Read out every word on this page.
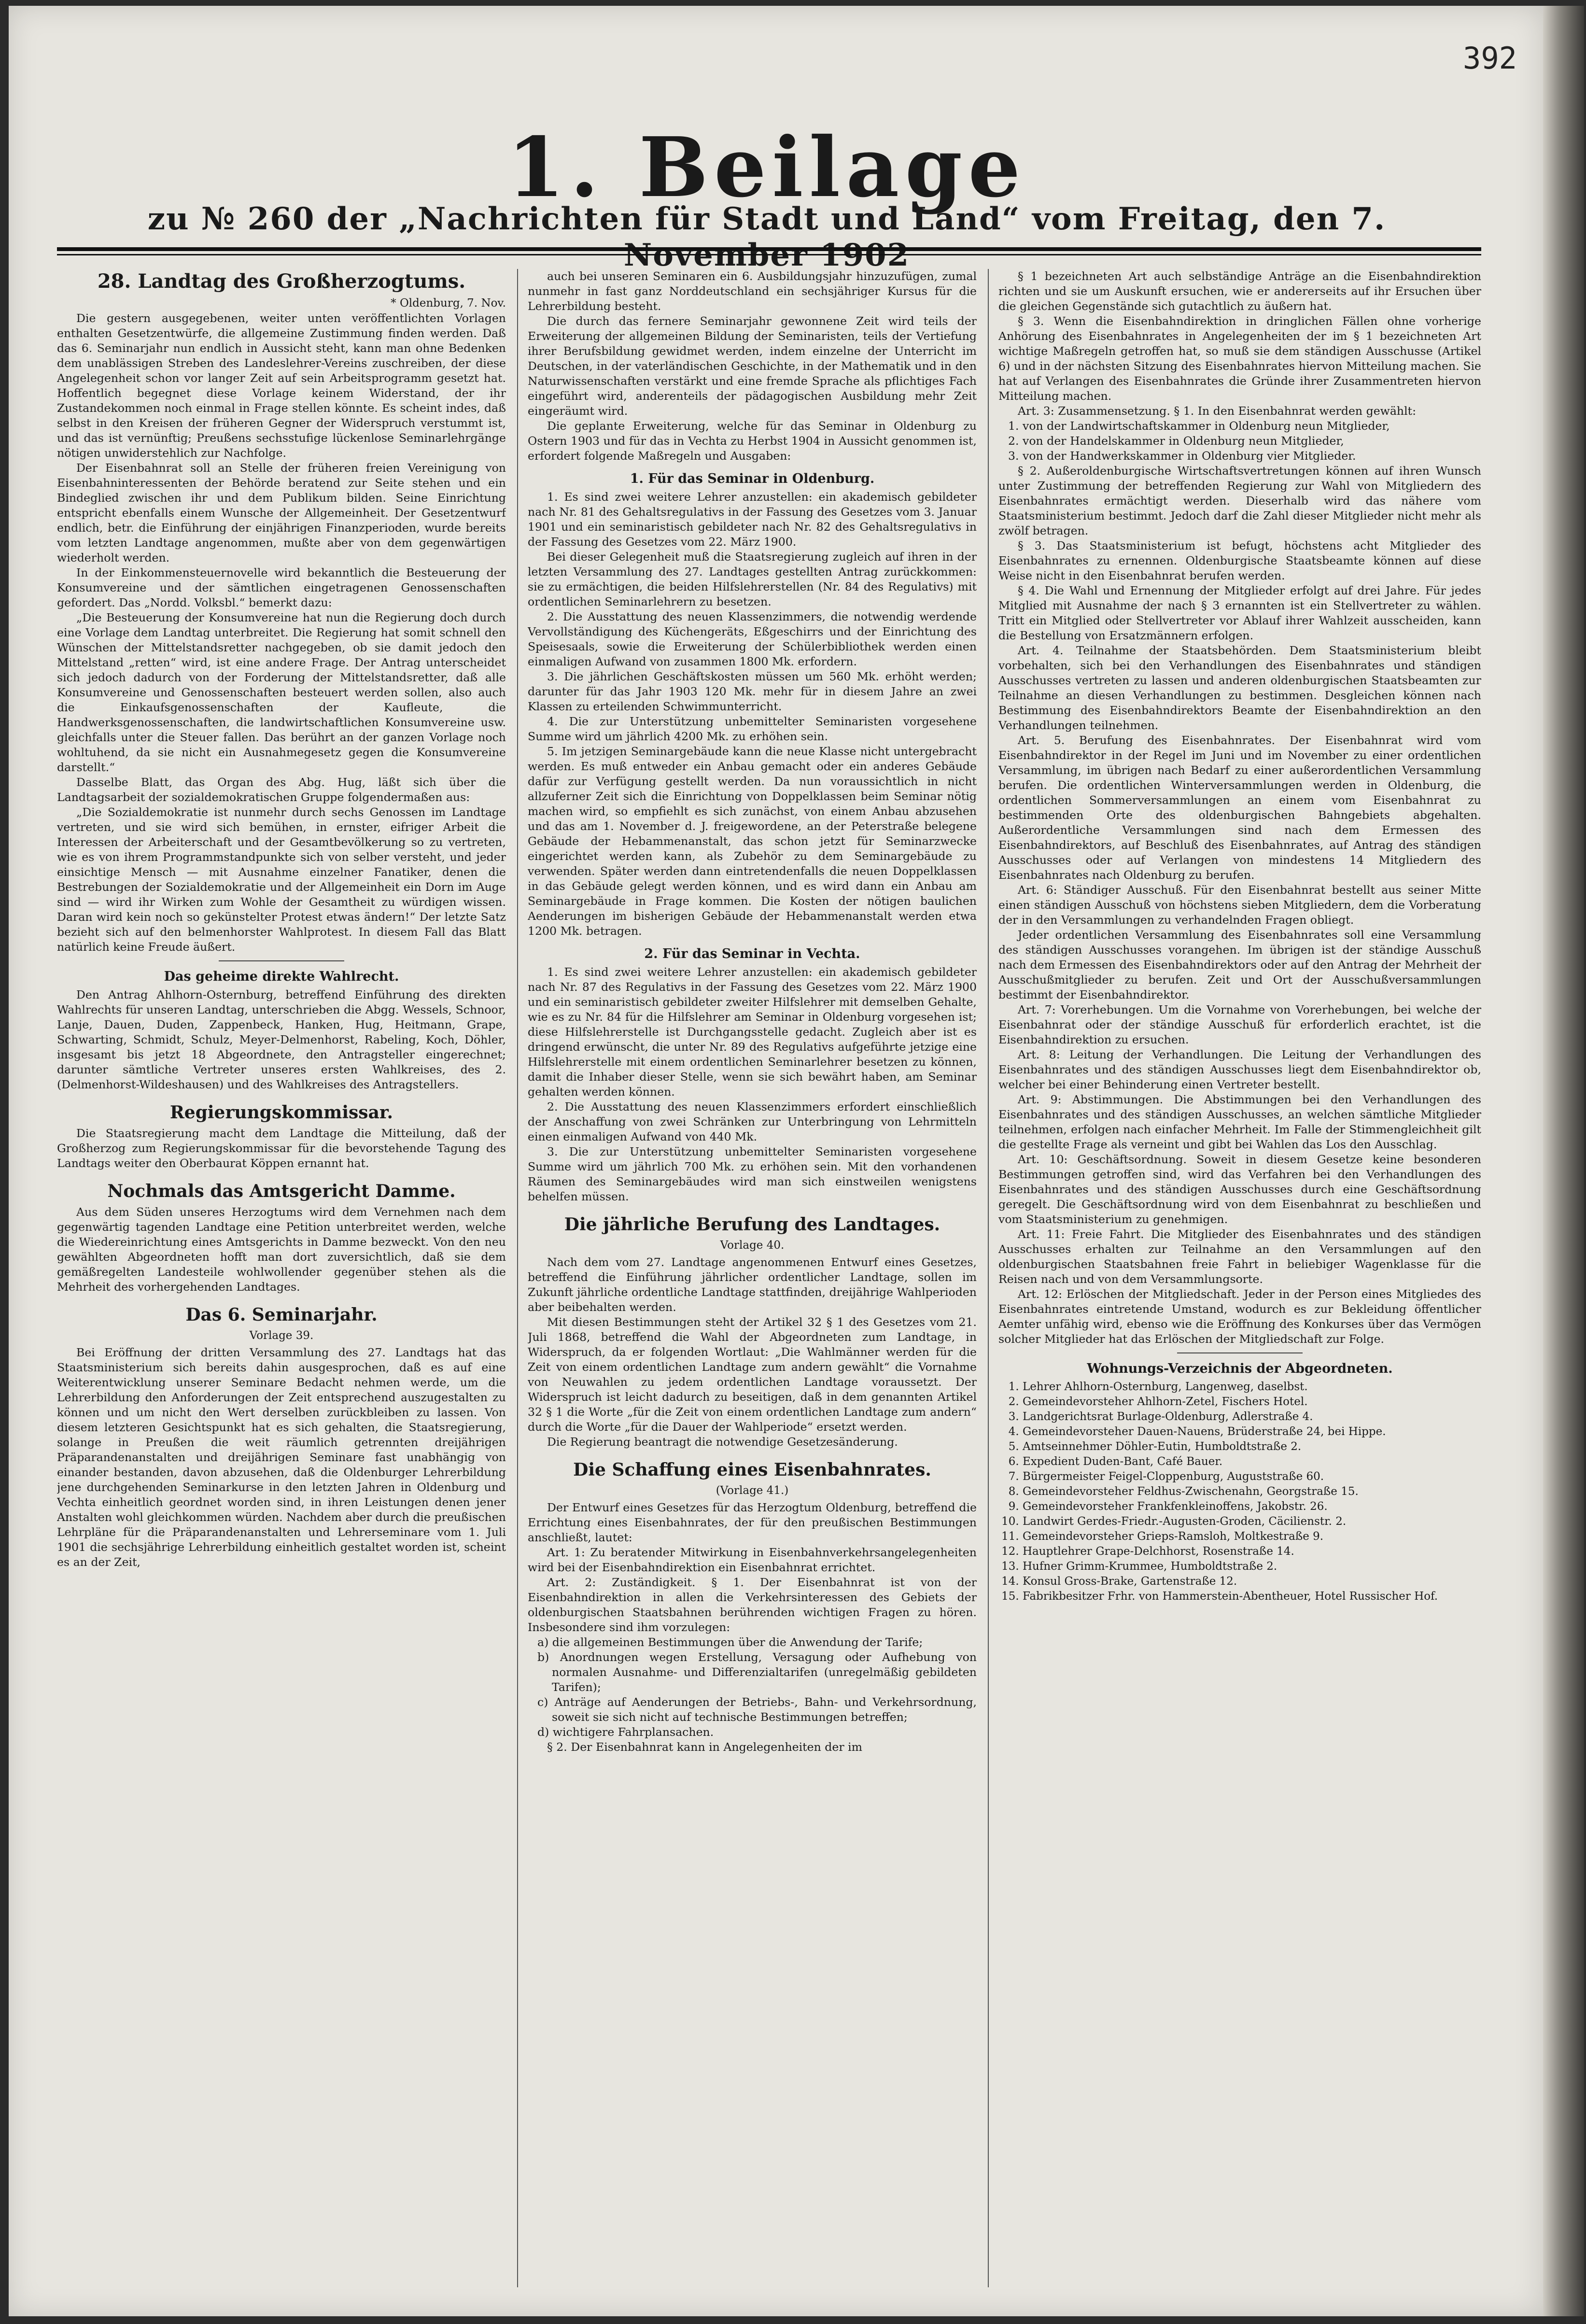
392
1. Beilage
zu № 260 der „Nachrichten für Stadt und Land“ vom Freitag, den 7. November 1902
28. Landtag des Großherzogtums.
* Oldenburg, 7. Nov.

Die gestern ausgegebenen, weiter unten veröffentlichten Vorlagen enthalten Gesetzentwürfe, die allgemeine Zustimmung finden werden. Daß das 6. Seminarjahr nun endlich in Aussicht steht, kann man ohne Bedenken dem unablässigen Streben des Landeslehrer-Vereins zuschreiben, der diese Angelegenheit schon vor langer Zeit auf sein Arbeitsprogramm gesetzt hat. Hoffentlich begegnet diese Vorlage keinem Widerstand, der ihr Zustandekommen noch einmal in Frage stellen könnte. Es scheint indes, daß selbst in den Kreisen der früheren Gegner der Widerspruch verstummt ist, und das ist vernünftig; Preußens sechsstufige lückenlose Seminarlehrgänge nötigen unwiderstehlich zur Nachfolge.

Der Eisenbahnrat soll an Stelle der früheren freien Vereinigung von Eisenbahninteressenten der Behörde beratend zur Seite stehen und ein Bindeglied zwischen ihr und dem Publikum bilden. Seine Einrichtung entspricht ebenfalls einem Wunsche der Allgemeinheit. Der Gesetzentwurf endlich, betr. die Einführung der einjährigen Finanzperioden, wurde bereits vom letzten Landtage angenommen, mußte aber von dem gegenwärtigen wiederholt werden.

In der Einkommensteuernovelle wird bekanntlich die Besteuerung der Konsumvereine und der sämtlichen eingetragenen Genossenschaften gefordert. Das „Nordd. Volksbl.“ bemerkt dazu:

„Die Besteuerung der Konsumvereine hat nun die Regierung doch durch eine Vorlage dem Landtag unterbreitet. Die Regierung hat somit schnell den Wünschen der Mittelstandsretter nachgegeben, ob sie damit jedoch den Mittelstand „retten“ wird, ist eine andere Frage. Der Antrag unterscheidet sich jedoch dadurch von der Forderung der Mittelstandsretter, daß alle Konsumvereine und Genossenschaften besteuert werden sollen, also auch die Einkaufsgenossenschaften der Kaufleute, die Handwerksgenossenschaften, die landwirtschaftlichen Konsumvereine usw. gleichfalls unter die Steuer fallen. Das berührt an der ganzen Vorlage noch wohltuhend, da sie nicht ein Ausnahmegesetz gegen die Konsumvereine darstellt.“

Dasselbe Blatt, das Organ des Abg. Hug, läßt sich über die Landtagsarbeit der sozialdemokratischen Gruppe folgendermaßen aus:

„Die Sozialdemokratie ist nunmehr durch sechs Genossen im Landtage vertreten, und sie wird sich bemühen, in ernster, eifriger Arbeit die Interessen der Arbeiterschaft und der Gesamtbevölkerung so zu vertreten, wie es von ihrem Programmstandpunkte sich von selber versteht, und jeder einsichtige Mensch — mit Ausnahme einzelner Fanatiker, denen die Bestrebungen der Sozialdemokratie und der Allgemeinheit ein Dorn im Auge sind — wird ihr Wirken zum Wohle der Gesamtheit zu würdigen wissen. Daran wird kein noch so gekünstelter Protest etwas ändern!“ Der letzte Satz bezieht sich auf den belmenhorster Wahlprotest. In diesem Fall das Blatt natürlich keine Freude äußert.

Das geheime direkte Wahlrecht.

Den Antrag Ahlhorn-Osternburg, betreffend Einführung des direkten Wahlrechts für unseren Landtag, unterschrieben die Abgg. Wessels, Schnoor, Lanje, Dauen, Duden, Zappenbeck, Hanken, Hug, Heitmann, Grape, Schwarting, Schmidt, Schulz, Meyer-Delmenhorst, Rabeling, Koch, Döhler, insgesamt bis jetzt 18 Abgeordnete, den Antragsteller eingerechnet; darunter sämtliche Vertreter unseres ersten Wahlkreises, des 2. (Delmenhorst-Wildeshausen) und des Wahlkreises des Antragstellers.

Regierungskommissar.

Die Staatsregierung macht dem Landtage die Mitteilung, daß der Großherzog zum Regierungskommissar für die bevorstehende Tagung des Landtags weiter den Oberbaurat Köppen ernannt hat.

Nochmals das Amtsgericht Damme.

Aus dem Süden unseres Herzogtums wird dem Vernehmen nach dem gegenwärtig tagenden Landtage eine Petition unterbreitet werden, welche die Wiedereinrichtung eines Amtsgerichts in Damme bezweckt. Von den neu gewählten Abgeordneten hofft man dort zuversichtlich, daß sie dem gemäßregelten Landesteile wohlwollender gegenüber stehen als die Mehrheit des vorhergehenden Landtages.

Das 6. Seminarjahr.
Vorlage 39.

Bei Eröffnung der dritten Versammlung des 27. Landtags hat das Staatsministerium sich bereits dahin ausgesprochen, daß es auf eine Weiterentwicklung unserer Seminare Bedacht nehmen werde, um die Lehrerbildung den Anforderungen der Zeit entsprechend auszugestalten zu können und um nicht den Wert derselben zurückbleiben zu lassen. Von diesem letzteren Gesichtspunkt hat es sich gehalten, die Staatsregierung, solange in Preußen die weit räumlich getrennten dreijährigen Präparandenanstalten und dreijährigen Seminare fast unabhängig von einander bestanden, davon abzusehen, daß die Oldenburger Lehrerbildung jene durchgehenden Seminarkurse in den letzten Jahren in Oldenburg und Vechta einheitlich geordnet worden sind, in ihren Leistungen denen jener Anstalten wohl gleichkommen würden. Nachdem aber durch die preußischen Lehrpläne für die Präparandenanstalten und Lehrerseminare vom 1. Juli 1901 die sechsjährige Lehrerbildung einheitlich gestaltet worden ist, scheint es an der Zeit,

auch bei unseren Seminaren ein 6. Ausbildungsjahr hinzuzufügen, zumal nunmehr in fast ganz Norddeutschland ein sechsjähriger Kursus für die Lehrerbildung besteht.

Die durch das fernere Seminarjahr gewonnene Zeit wird teils der Erweiterung der allgemeinen Bildung der Seminaristen, teils der Vertiefung ihrer Berufsbildung gewidmet werden, indem einzelne der Unterricht im Deutschen, in der vaterländischen Geschichte, in der Mathematik und in den Naturwissenschaften verstärkt und eine fremde Sprache als pflichtiges Fach eingeführt wird, anderenteils der pädagogischen Ausbildung mehr Zeit eingeräumt wird.

Die geplante Erweiterung, welche für das Seminar in Oldenburg zu Ostern 1903 und für das in Vechta zu Herbst 1904 in Aussicht genommen ist, erfordert folgende Maßregeln und Ausgaben:

1. Für das Seminar in Oldenburg.

1. Es sind zwei weitere Lehrer anzustellen: ein akademisch gebildeter nach Nr. 81 des Gehaltsregulativs in der Fassung des Gesetzes vom 3. Januar 1901 und ein seminaristisch gebildeter nach Nr. 82 des Gehaltsregulativs in der Fassung des Gesetzes vom 22. März 1900.

Bei dieser Gelegenheit muß die Staatsregierung zugleich auf ihren in der letzten Versammlung des 27. Landtages gestellten Antrag zurückkommen: sie zu ermächtigen, die beiden Hilfslehrerstellen (Nr. 84 des Regulativs) mit ordentlichen Seminarlehrern zu besetzen.

2. Die Ausstattung des neuen Klassenzimmers, die notwendig werdende Vervollständigung des Küchengeräts, Eßgeschirrs und der Einrichtung des Speisesaals, sowie die Erweiterung der Schülerbibliothek werden einen einmaligen Aufwand von zusammen 1800 Mk. erfordern.

3. Die jährlichen Geschäftskosten müssen um 560 Mk. erhöht werden; darunter für das Jahr 1903 120 Mk. mehr für in diesem Jahre an zwei Klassen zu erteilenden Schwimmunterricht.

4. Die zur Unterstützung unbemittelter Seminaristen vorgesehene Summe wird um jährlich 4200 Mk. zu erhöhen sein.

5. Im jetzigen Seminargebäude kann die neue Klasse nicht untergebracht werden. Es muß entweder ein Anbau gemacht oder ein anderes Gebäude dafür zur Verfügung gestellt werden. Da nun voraussichtlich in nicht allzuferner Zeit sich die Einrichtung von Doppelklassen beim Seminar nötig machen wird, so empfiehlt es sich zunächst, von einem Anbau abzusehen und das am 1. November d. J. freigewordene, an der Peterstraße belegene Gebäude der Hebammenanstalt, das schon jetzt für Seminarzwecke eingerichtet werden kann, als Zubehör zu dem Seminargebäude zu verwenden. Später werden dann eintretendenfalls die neuen Doppelklassen in das Gebäude gelegt werden können, und es wird dann ein Anbau am Seminargebäude in Frage kommen. Die Kosten der nötigen baulichen Aenderungen im bisherigen Gebäude der Hebammenanstalt werden etwa 1200 Mk. betragen.

2. Für das Seminar in Vechta.

1. Es sind zwei weitere Lehrer anzustellen: ein akademisch gebildeter nach Nr. 87 des Regulativs in der Fassung des Gesetzes vom 22. März 1900 und ein seminaristisch gebildeter zweiter Hilfslehrer mit demselben Gehalte, wie es zu Nr. 84 für die Hilfslehrer am Seminar in Oldenburg vorgesehen ist; diese Hilfslehrerstelle ist Durchgangsstelle gedacht. Zugleich aber ist es dringend erwünscht, die unter Nr. 89 des Regulativs aufgeführte jetzige eine Hilfslehrerstelle mit einem ordentlichen Seminarlehrer besetzen zu können, damit die Inhaber dieser Stelle, wenn sie sich bewährt haben, am Seminar gehalten werden können.

2. Die Ausstattung des neuen Klassenzimmers erfordert einschließlich der Anschaffung von zwei Schränken zur Unterbringung von Lehrmitteln einen einmaligen Aufwand von 440 Mk.

3. Die zur Unterstützung unbemittelter Seminaristen vorgesehene Summe wird um jährlich 700 Mk. zu erhöhen sein. Mit den vorhandenen Räumen des Seminargebäudes wird man sich einstweilen wenigstens behelfen müssen.

Die jährliche Berufung des Landtages.
Vorlage 40.

Nach dem vom 27. Landtage angenommenen Entwurf eines Gesetzes, betreffend die Einführung jährlicher ordentlicher Landtage, sollen im Zukunft jährliche ordentliche Landtage stattfinden, dreijährige Wahlperioden aber beibehalten werden.

Mit diesen Bestimmungen steht der Artikel 32 § 1 des Gesetzes vom 21. Juli 1868, betreffend die Wahl der Abgeordneten zum Landtage, in Widerspruch, da er folgenden Wortlaut: „Die Wahlmänner werden für die Zeit von einem ordentlichen Landtage zum andern gewählt“ die Vornahme von Neuwahlen zu jedem ordentlichen Landtage voraussetzt. Der Widerspruch ist leicht dadurch zu beseitigen, daß in dem genannten Artikel 32 § 1 die Worte „für die Zeit von einem ordentlichen Landtage zum andern“ durch die Worte „für die Dauer der Wahlperiode“ ersetzt werden.

Die Regierung beantragt die notwendige Gesetzesänderung.

Die Schaffung eines Eisenbahnrates.
(Vorlage 41.)

Der Entwurf eines Gesetzes für das Herzogtum Oldenburg, betreffend die Errichtung eines Eisenbahnrates, der für den preußischen Bestimmungen anschließt, lautet:

Art. 1: Zu beratender Mitwirkung in Eisenbahnverkehrsangelegenheiten wird bei der Eisenbahndirektion ein Eisenbahnrat errichtet.

Art. 2: Zuständigkeit. § 1. Der Eisenbahnrat ist von der Eisenbahndirektion in allen die Verkehrsinteressen des Gebiets der oldenburgischen Staatsbahnen berührenden wichtigen Fragen zu hören. Insbesondere sind ihm vorzulegen:

a) die allgemeinen Bestimmungen über die Anwendung der Tarife;
b) Anordnungen wegen Erstellung, Versagung oder Aufhebung von normalen Ausnahme- und Differenzialtarifen (unregelmäßig gebildeten Tarifen);
c) Anträge auf Aenderungen der Betriebs-, Bahn- und Verkehrsordnung, soweit sie sich nicht auf technische Bestimmungen betreffen;
d) wichtigere Fahrplansachen.

§ 2. Der Eisenbahnrat kann in Angelegenheiten der im

§ 1 bezeichneten Art auch selbständige Anträge an die Eisenbahndirektion richten und sie um Auskunft ersuchen, wie er andererseits auf ihr Ersuchen über die gleichen Gegenstände sich gutachtlich zu äußern hat.

§ 3. Wenn die Eisenbahndirektion in dringlichen Fällen ohne vorherige Anhörung des Eisenbahnrates in Angelegenheiten der im § 1 bezeichneten Art wichtige Maßregeln getroffen hat, so muß sie dem ständigen Ausschusse (Artikel 6) und in der nächsten Sitzung des Eisenbahnrates hiervon Mitteilung machen. Sie hat auf Verlangen des Eisenbahnrates die Gründe ihrer Zusammentreten hiervon Mitteilung machen.

Art. 3: Zusammensetzung. § 1. In den Eisenbahnrat werden gewählt:

1. von der Landwirtschaftskammer in Oldenburg neun Mitglieder,
2. von der Handelskammer in Oldenburg neun Mitglieder,
3. von der Handwerkskammer in Oldenburg vier Mitglieder.

§ 2. Außeroldenburgische Wirtschaftsvertretungen können auf ihren Wunsch unter Zustimmung der betreffenden Regierung zur Wahl von Mitgliedern des Eisenbahnrates ermächtigt werden. Dieserhalb wird das nähere vom Staatsministerium bestimmt. Jedoch darf die Zahl dieser Mitglieder nicht mehr als zwölf betragen.

§ 3. Das Staatsministerium ist befugt, höchstens acht Mitglieder des Eisenbahnrates zu ernennen. Oldenburgische Staatsbeamte können auf diese Weise nicht in den Eisenbahnrat berufen werden.

§ 4. Die Wahl und Ernennung der Mitglieder erfolgt auf drei Jahre. Für jedes Mitglied mit Ausnahme der nach § 3 ernannten ist ein Stellvertreter zu wählen. Tritt ein Mitglied oder Stellvertreter vor Ablauf ihrer Wahlzeit ausscheiden, kann die Bestellung von Ersatzmännern erfolgen.

Art. 4. Teilnahme der Staatsbehörden. Dem Staatsministerium bleibt vorbehalten, sich bei den Verhandlungen des Eisenbahnrates und ständigen Ausschusses vertreten zu lassen und anderen oldenburgischen Staatsbeamten zur Teilnahme an diesen Verhandlungen zu bestimmen. Desgleichen können nach Bestimmung des Eisenbahndirektors Beamte der Eisenbahndirektion an den Verhandlungen teilnehmen.

Art. 5. Berufung des Eisenbahnrates. Der Eisenbahnrat wird vom Eisenbahndirektor in der Regel im Juni und im November zu einer ordentlichen Versammlung, im übrigen nach Bedarf zu einer außerordentlichen Versammlung berufen. Die ordentlichen Winterversammlungen werden in Oldenburg, die ordentlichen Sommerversammlungen an einem vom Eisenbahnrat zu bestimmenden Orte des oldenburgischen Bahngebiets abgehalten. Außerordentliche Versammlungen sind nach dem Ermessen des Eisenbahndirektors, auf Beschluß des Eisenbahnrates, auf Antrag des ständigen Ausschusses oder auf Verlangen von mindestens 14 Mitgliedern des Eisenbahnrates nach Oldenburg zu berufen.

Art. 6: Ständiger Ausschuß. Für den Eisenbahnrat bestellt aus seiner Mitte einen ständigen Ausschuß von höchstens sieben Mitgliedern, dem die Vorberatung der in den Versammlungen zu verhandelnden Fragen obliegt.

Jeder ordentlichen Versammlung des Eisenbahnrates soll eine Versammlung des ständigen Ausschusses vorangehen. Im übrigen ist der ständige Ausschuß nach dem Ermessen des Eisenbahndirektors oder auf den Antrag der Mehrheit der Ausschußmitglieder zu berufen. Zeit und Ort der Ausschußversammlungen bestimmt der Eisenbahndirektor.

Art. 7: Vorerhebungen. Um die Vornahme von Vorerhebungen, bei welche der Eisenbahnrat oder der ständige Ausschuß für erforderlich erachtet, ist die Eisenbahndirektion zu ersuchen.

Art. 8: Leitung der Verhandlungen. Die Leitung der Verhandlungen des Eisenbahnrates und des ständigen Ausschusses liegt dem Eisenbahndirektor ob, welcher bei einer Behinderung einen Vertreter bestellt.

Art. 9: Abstimmungen. Die Abstimmungen bei den Verhandlungen des Eisenbahnrates und des ständigen Ausschusses, an welchen sämtliche Mitglieder teilnehmen, erfolgen nach einfacher Mehrheit. Im Falle der Stimmengleichheit gilt die gestellte Frage als verneint und gibt bei Wahlen das Los den Ausschlag.

Art. 10: Geschäftsordnung. Soweit in diesem Gesetze keine besonderen Bestimmungen getroffen sind, wird das Verfahren bei den Verhandlungen des Eisenbahnrates und des ständigen Ausschusses durch eine Geschäftsordnung geregelt. Die Geschäftsordnung wird von dem Eisenbahnrat zu beschließen und vom Staatsministerium zu genehmigen.

Art. 11: Freie Fahrt. Die Mitglieder des Eisenbahnrates und des ständigen Ausschusses erhalten zur Teilnahme an den Versammlungen auf den oldenburgischen Staatsbahnen freie Fahrt in beliebiger Wagenklasse für die Reisen nach und von dem Versammlungsorte.

Art. 12: Erlöschen der Mitgliedschaft. Jeder in der Person eines Mitgliedes des Eisenbahnrates eintretende Umstand, wodurch es zur Bekleidung öffentlicher Aemter unfähig wird, ebenso wie die Eröffnung des Konkurses über das Vermögen solcher Mitglieder hat das Erlöschen der Mitgliedschaft zur Folge.

Wohnungs-Verzeichnis der Abgeordneten.
1. Lehrer Ahlhorn-Osternburg, Langenweg, daselbst.
2. Gemeindevorsteher Ahlhorn-Zetel, Fischers Hotel.
3. Landgerichtsrat Burlage-Oldenburg, Adlerstraße 4.
4. Gemeindevorsteher Dauen-Nauens, Brüderstraße 24, bei Hippe.
5. Amtseinnehmer Döhler-Eutin, Humboldtstraße 2.
6. Expedient Duden-Bant, Café Bauer.
7. Bürgermeister Feigel-Cloppenburg, Auguststraße 60.
8. Gemeindevorsteher Feldhus-Zwischenahn, Georgstraße 15.
9. Gemeindevorsteher Frankfenkleinoffens, Jakobstr. 26.
10. Landwirt Gerdes-Friedr.-Augusten-Groden, Cäcilienstr. 2.
11. Gemeindevorsteher Grieps-Ramsloh, Moltkestraße 9.
12. Hauptlehrer Grape-Delchhorst, Rosenstraße 14.
13. Hufner Grimm-Krummee, Humboldtstraße 2.
14. Konsul Gross-Brake, Gartenstraße 12.
15. Fabrikbesitzer Frhr. von Hammerstein-Abentheuer, Hotel Russischer Hof.
